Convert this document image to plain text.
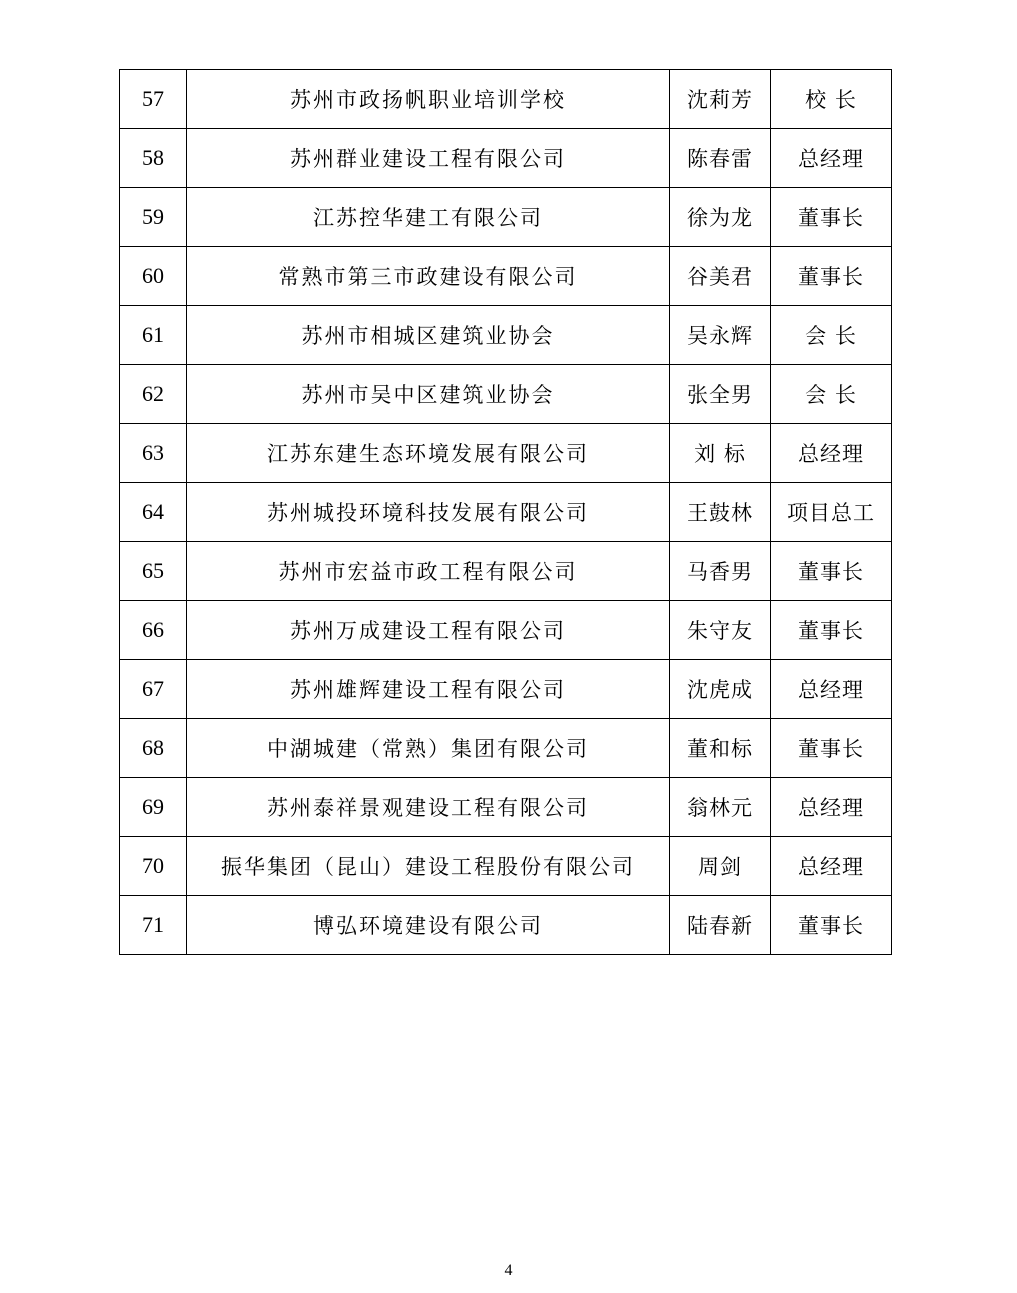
57	苏州市政扬帆职业培训学校	沈莉芳	校 长
58	苏州群业建设工程有限公司	陈春雷	总经理
59	江苏控华建工有限公司	徐为龙	董事长
60	常熟市第三市政建设有限公司	谷美君	董事长
61	苏州市相城区建筑业协会	吴永辉	会 长
62	苏州市吴中区建筑业协会	张全男	会 长
63	江苏东建生态环境发展有限公司	刘 标	总经理
64	苏州城投环境科技发展有限公司	王鼓林	项目总工
65	苏州市宏益市政工程有限公司	马香男	董事长
66	苏州万成建设工程有限公司	朱守友	董事长
67	苏州雄辉建设工程有限公司	沈虎成	总经理
68	中湖城建（常熟）集团有限公司	董和标	董事长
69	苏州泰祥景观建设工程有限公司	翁林元	总经理
70	振华集团（昆山）建设工程股份有限公司	周剑	总经理
71	博弘环境建设有限公司	陆春新	董事长
4
